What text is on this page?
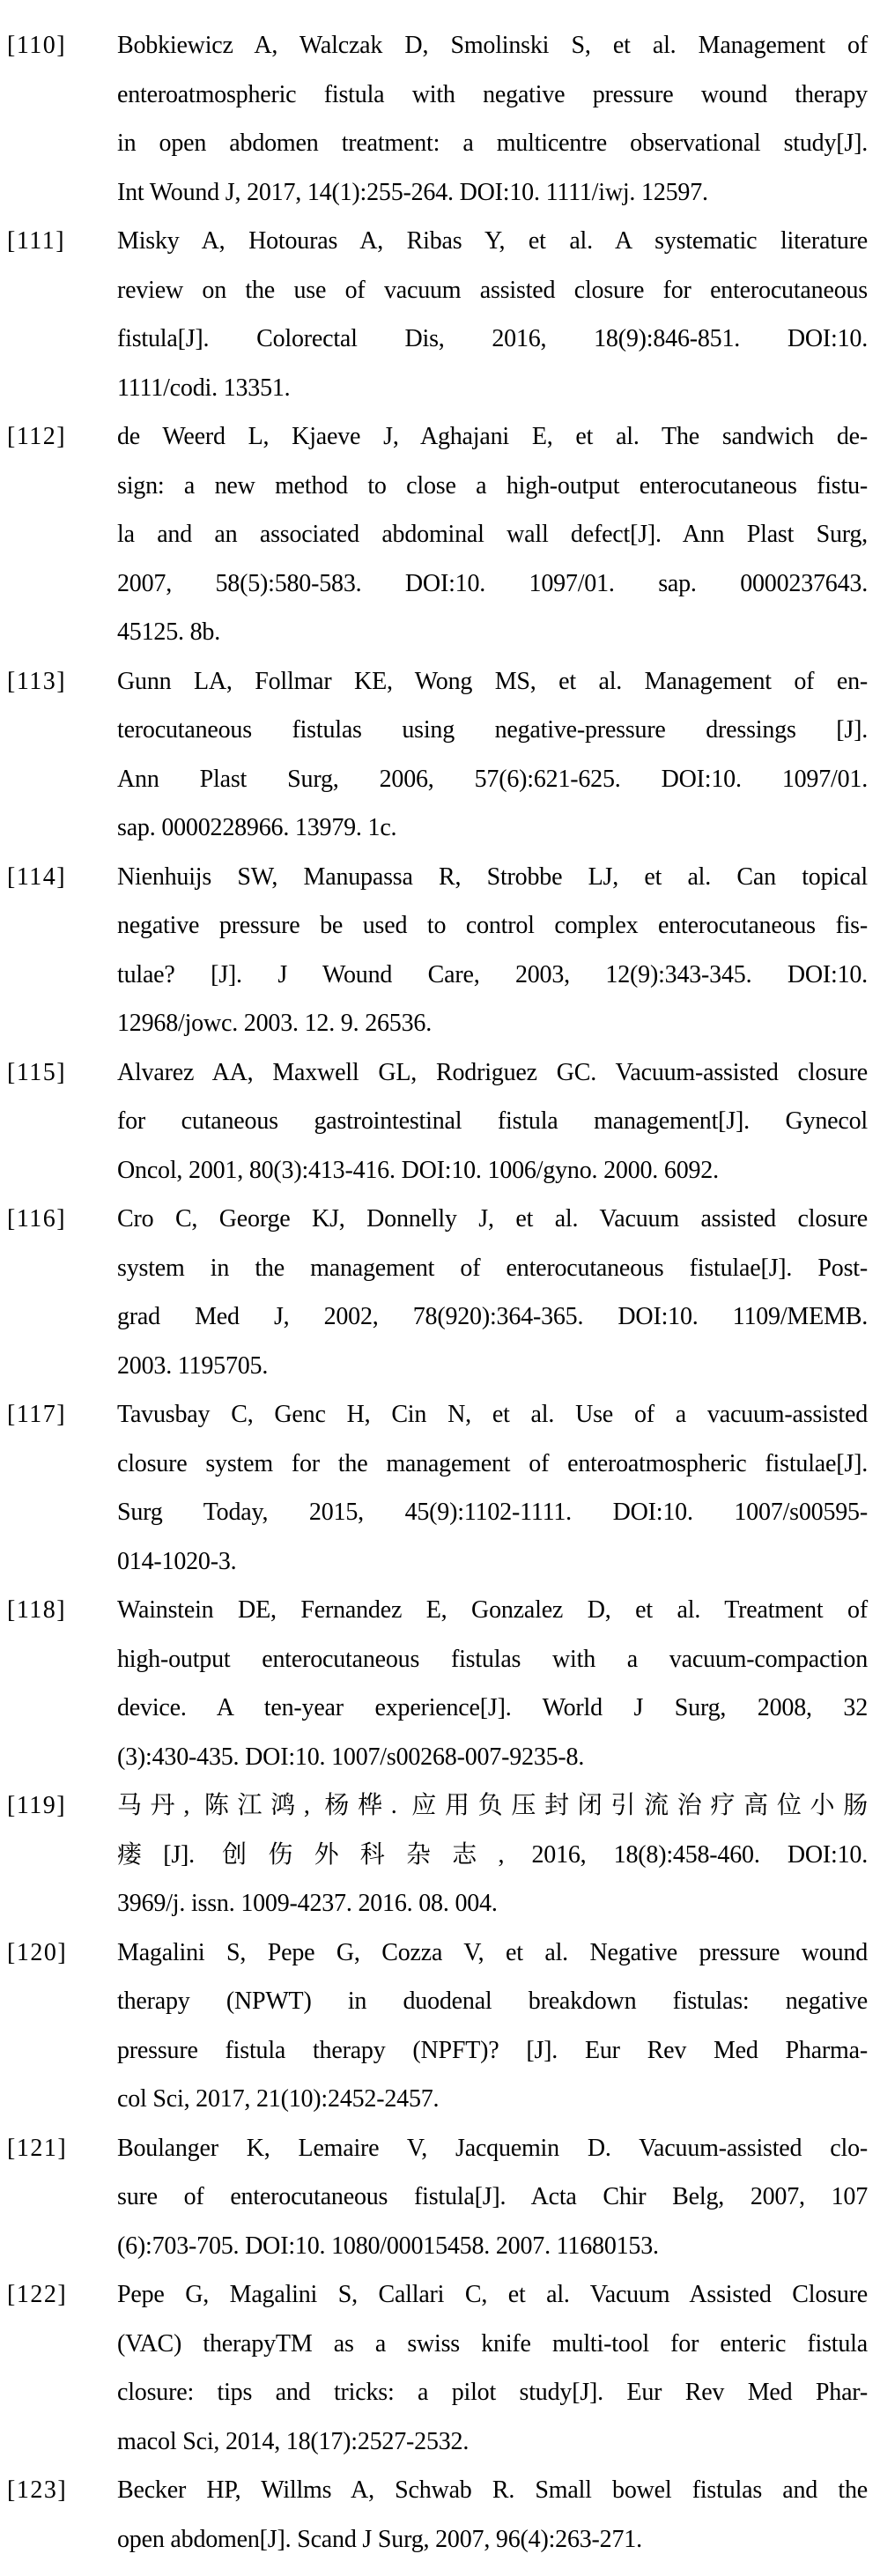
[110] Bobkiewicz A, Walczak D, Smolinski S, et al. Management of
enteroatmospheric fistula with negative pressure wound therapy
in open abdomen treatment: a multicentre observational study[J].
Int Wound J, 2017, 14(1):255-264. DOI:10. 1111/iwj. 12597.
[111] Misky A, Hotouras A, Ribas Y, et al. A systematic literature
review on the use of vacuum assisted closure for enterocutaneous
fistula[J]. Colorectal Dis, 2016, 18(9):846-851. DOI:10.
1111/codi. 13351.
[112] de Weerd L, Kjaeve J, Aghajani E, et al. The sandwich de-
sign: a new method to close a high-output enterocutaneous fistu-
la and an associated abdominal wall defect[J]. Ann Plast Surg,
2007, 58(5):580-583. DOI:10. 1097/01. sap. 0000237643.
45125. 8b.
[113] Gunn LA, Follmar KE, Wong MS, et al. Management of en-
terocutaneous fistulas using negative-pressure dressings [J].
Ann Plast Surg, 2006, 57(6):621-625. DOI:10. 1097/01.
sap. 0000228966. 13979. 1c.
[114] Nienhuijs SW, Manupassa R, Strobbe LJ, et al. Can topical
negative pressure be used to control complex enterocutaneous fis-
tulae? [J]. J Wound Care, 2003, 12(9):343-345. DOI:10.
12968/jowc. 2003. 12. 9. 26536.
[115] Alvarez AA, Maxwell GL, Rodriguez GC. Vacuum-assisted closure
for cutaneous gastrointestinal fistula management[J]. Gynecol
Oncol, 2001, 80(3):413-416. DOI:10. 1006/gyno. 2000. 6092.
[116] Cro C, George KJ, Donnelly J, et al. Vacuum assisted closure
system in the management of enterocutaneous fistulae[J]. Post-
grad Med J, 2002, 78(920):364-365. DOI:10. 1109/MEMB.
2003. 1195705.
[117] Tavusbay C, Genc H, Cin N, et al. Use of a vacuum-assisted
closure system for the management of enteroatmospheric fistulae[J].
Surg Today, 2015, 45(9):1102-1111. DOI:10. 1007/s00595-
014-1020-3.
[118] Wainstein DE, Fernandez E, Gonzalez D, et al. Treatment of
high-output enterocutaneous fistulas with a vacuum-compaction
device. A ten-year experience[J]. World J Surg, 2008, 32
(3):430-435. DOI:10. 1007/s00268-007-9235-8.
[119] 马丹, 陈江鸿, 杨桦. 应用负压封闭引流治疗高位小肠
瘘[J]. 创伤外科杂志, 2016, 18(8):458-460. DOI:10.
3969/j. issn. 1009-4237. 2016. 08. 004.
[120] Magalini S, Pepe G, Cozza V, et al. Negative pressure wound
therapy (NPWT) in duodenal breakdown fistulas: negative
pressure fistula therapy (NPFT)? [J]. Eur Rev Med Pharma-
col Sci, 2017, 21(10):2452-2457.
[121] Boulanger K, Lemaire V, Jacquemin D. Vacuum-assisted clo-
sure of enterocutaneous fistula[J]. Acta Chir Belg, 2007, 107
(6):703-705. DOI:10. 1080/00015458. 2007. 11680153.
[122] Pepe G, Magalini S, Callari C, et al. Vacuum Assisted Closure
(VAC) therapyTM as a swiss knife multi-tool for enteric fistula
closure: tips and tricks: a pilot study[J]. Eur Rev Med Phar-
macol Sci, 2014, 18(17):2527-2532.
[123] Becker HP, Willms A, Schwab R. Small bowel fistulas and the
open abdomen[J]. Scand J Surg, 2007, 96(4):263-271.
